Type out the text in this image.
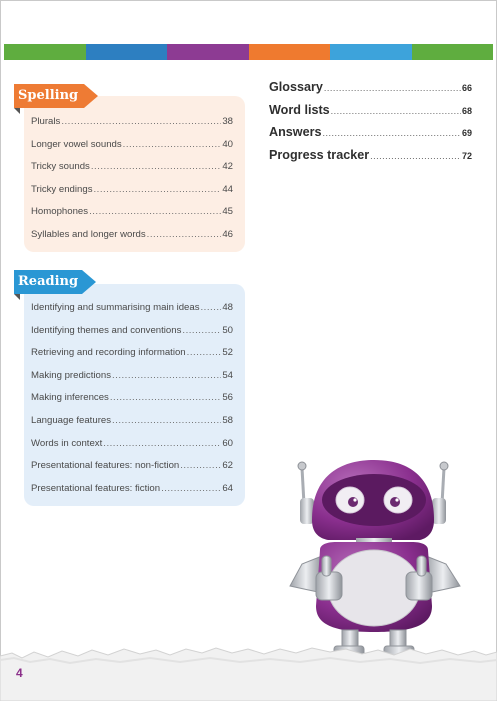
Spelling
Plurals .....	38
Longer vowel sounds .....	40
Tricky sounds .....	42
Tricky endings .....	44
Homophones .....	45
Syllables and longer words .....	46
Reading
Identifying and summarising main ideas ..... 48
Identifying themes and conventions .....	50
Retrieving and recording information .....	52
Making predictions .....	54
Making inferences .....	56
Language features .....	58
Words in context .....	60
Presentational features: non-fiction .....	62
Presentational features: fiction .....	64
Glossary .....	66
Word lists .....	68
Answers .....	69
Progress tracker .....	72
4
